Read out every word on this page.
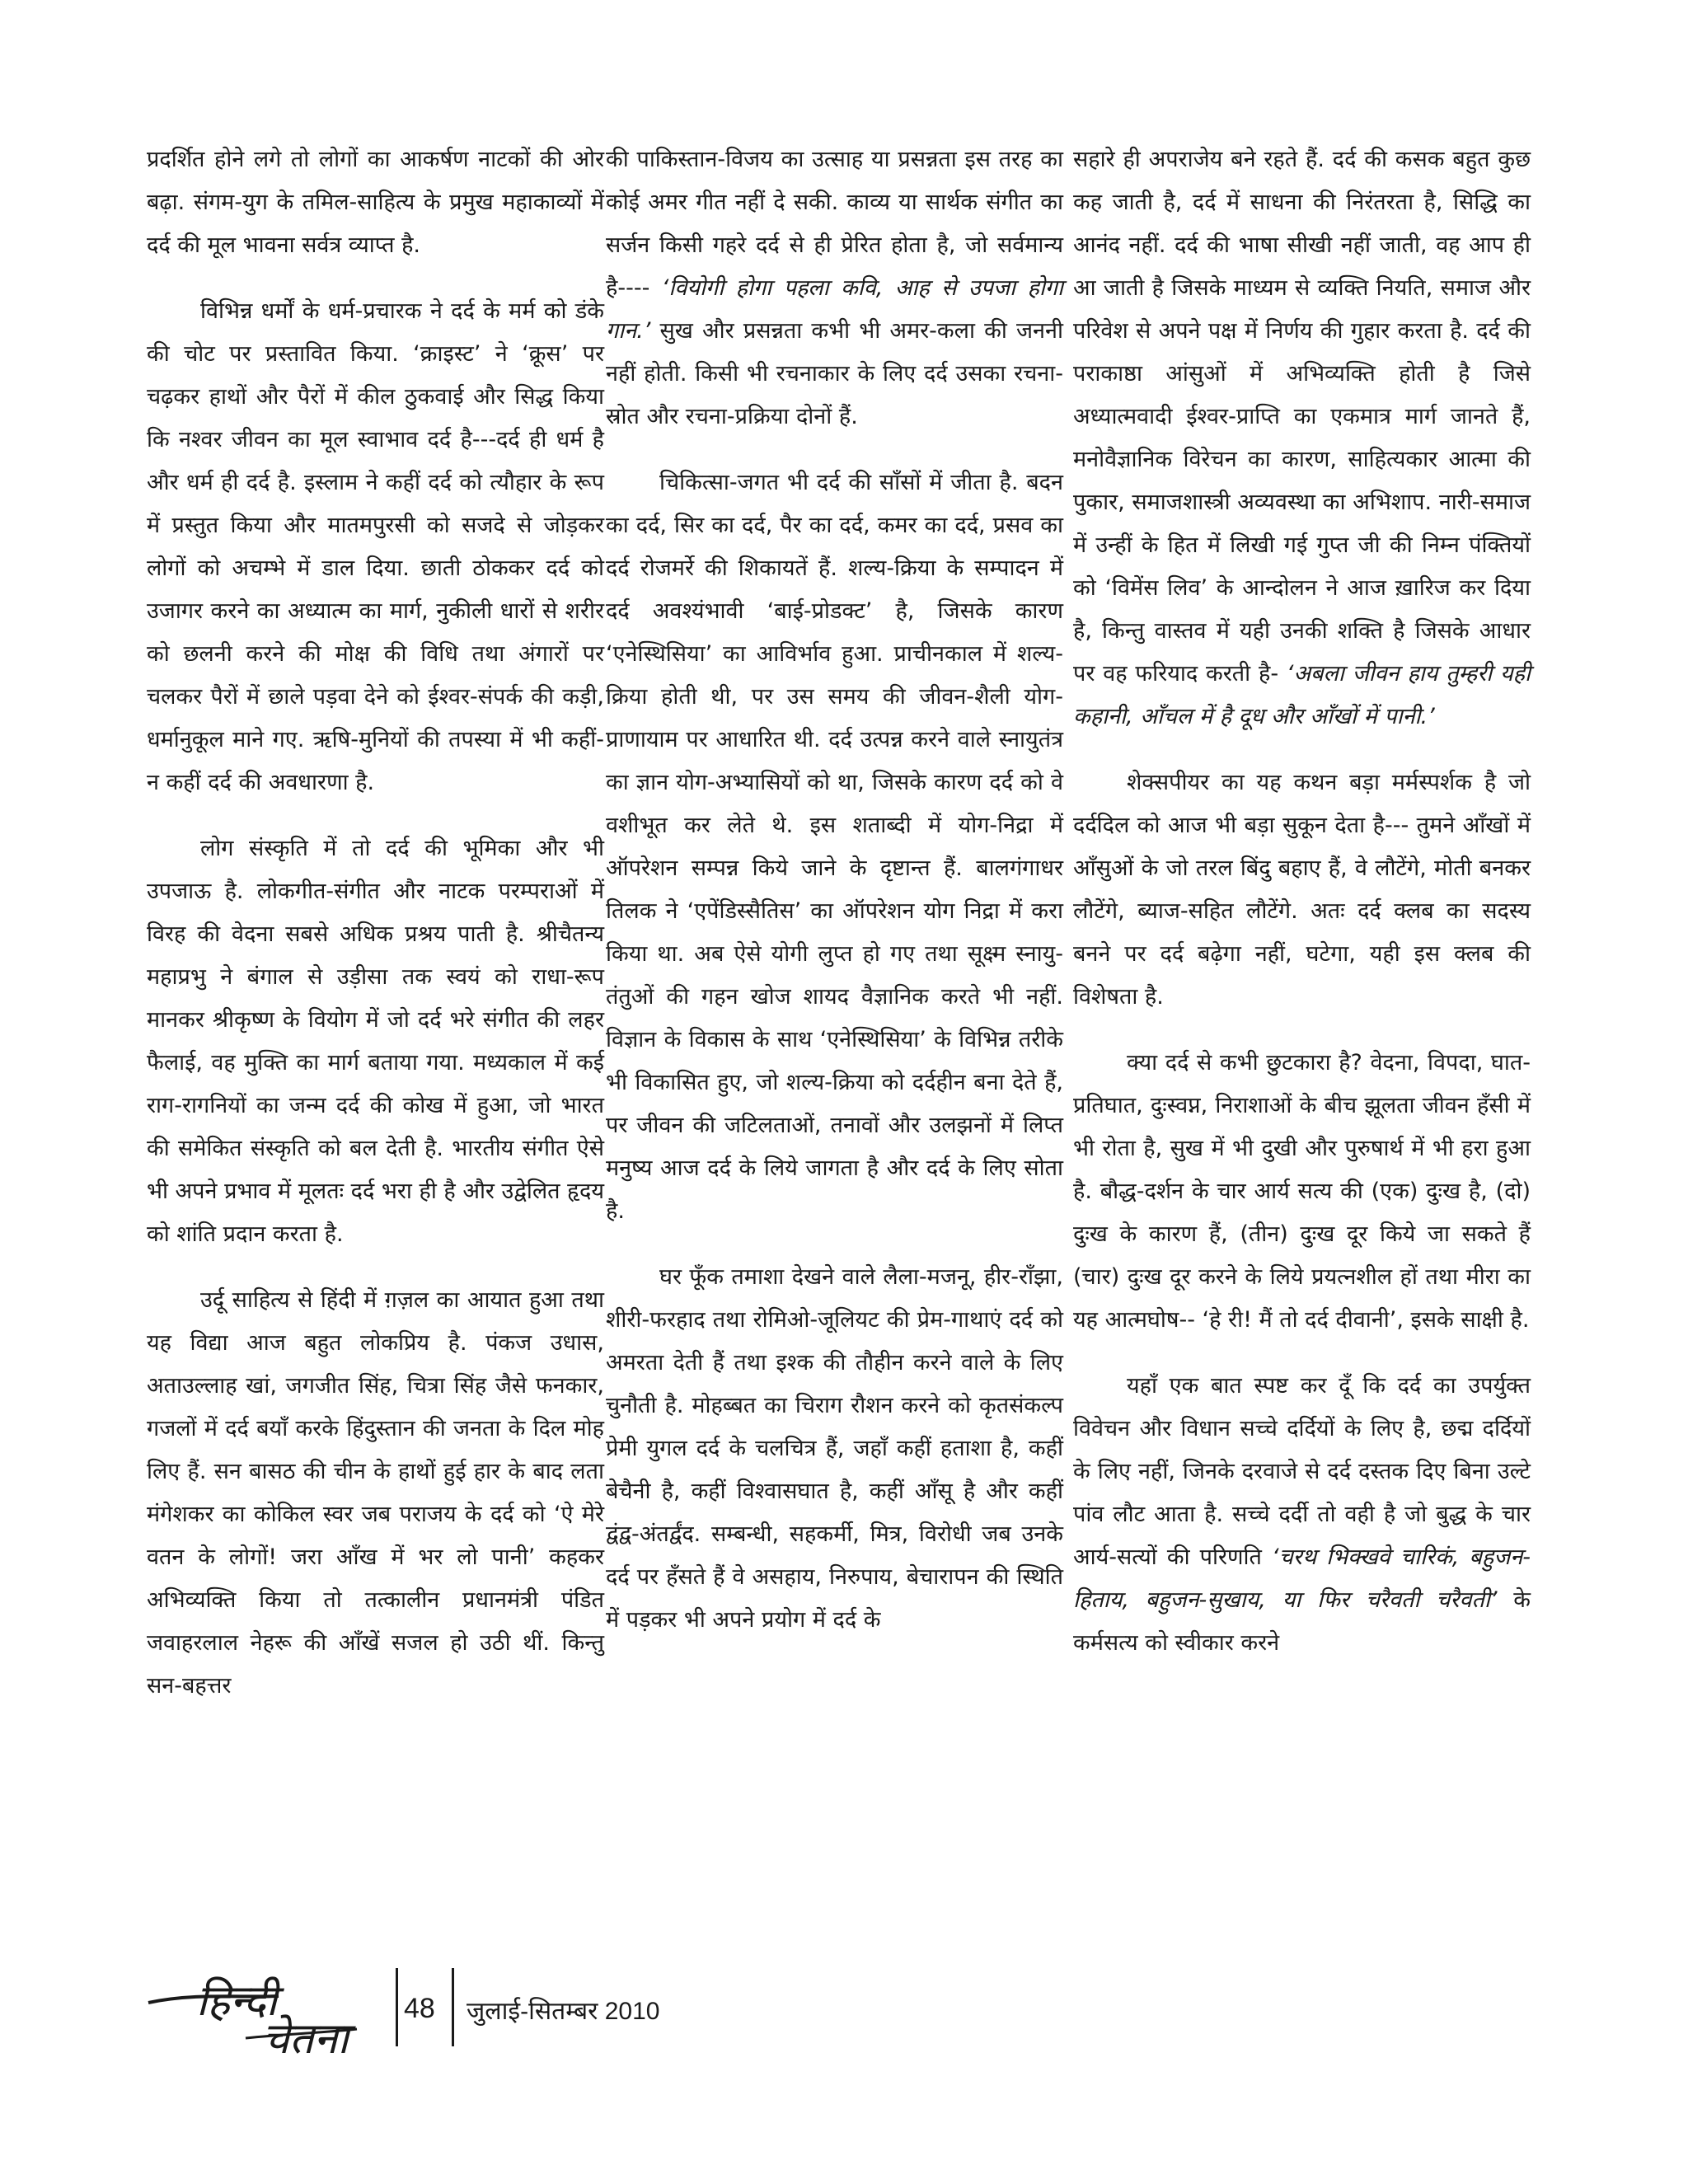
प्रदर्शित होने लगे तो लोगों का आकर्षण नाटकों की ओर बढ़ा. संगम-युग के तमिल-साहित्य के प्रमुख महाकाव्यों में दर्द की मूल भावना सर्वत्र व्याप्त है.

विभिन्न धर्मों के धर्म-प्रचारक ने दर्द के मर्म को डंके की चोट पर प्रस्तावित किया. ‘क्राइस्ट’ ने ‘क्रूस’ पर चढ़कर हाथों और पैरों में कील ठुकवाई और सिद्ध किया कि नश्वर जीवन का मूल स्वाभाव दर्द है---दर्द ही धर्म है और धर्म ही दर्द है. इस्लाम ने कहीं दर्द को त्यौहार के रूप में प्रस्तुत किया और मातमपुरसी को सजदे से जोड़कर लोगों को अचम्भे में डाल दिया. छाती ठोककर दर्द को उजागर करने का अध्यात्म का मार्ग, नुकीली धारों से शरीर को छलनी करने की मोक्ष की विधि तथा अंगारों पर चलकर पैरों में छाले पड़वा देने को ईश्वर-संपर्क की कड़ी, धर्मानुकूल माने गए. ऋषि-मुनियों की तपस्या में भी कहीं-न कहीं दर्द की अवधारणा है.

लोग संस्कृति में तो दर्द की भूमिका और भी उपजाऊ है. लोकगीत-संगीत और नाटक परम्पराओं में विरह की वेदना सबसे अधिक प्रश्रय पाती है. श्रीचैतन्य महाप्रभु ने बंगाल से उड़ीसा तक स्वयं को राधा-रूप मानकर श्रीकृष्ण के वियोग में जो दर्द भरे संगीत की लहर फैलाई, वह मुक्ति का मार्ग बताया गया. मध्यकाल में कई राग-रागनियों का जन्म दर्द की कोख में हुआ, जो भारत की समेकित संस्कृति को बल देती है. भारतीय संगीत ऐसे भी अपने प्रभाव में मूलतः दर्द भरा ही है और उद्वेलित हृदय को शांति प्रदान करता है.

उर्दू साहित्य से हिंदी में ग़ज़ल का आयात हुआ तथा यह विद्या आज बहुत लोकप्रिय है. पंकज उधास, अताउल्लाह खां, जगजीत सिंह, चित्रा सिंह जैसे फनकार, गजलों में दर्द बयाँ करके हिंदुस्तान की जनता के दिल मोह लिए हैं. सन बासठ की चीन के हाथों हुई हार के बाद लता मंगेशकर का कोकिल स्वर जब पराजय के दर्द को ‘ऐ मेरे वतन के लोगों! जरा आँख में भर लो पानी’ कहकर अभिव्यक्ति किया तो तत्कालीन प्रधानमंत्री पंडित जवाहरलाल नेहरू की आँखें सजल हो उठी थीं. किन्तु सन-बहत्तर

की पाकिस्तान-विजय का उत्साह या प्रसन्नता इस तरह का कोई अमर गीत नहीं दे सकी. काव्य या सार्थक संगीत का सर्जन किसी गहरे दर्द से ही प्रेरित होता है, जो सर्वमान्य है---- ‘वियोगी होगा पहला कवि, आह से उपजा होगा गान.’ सुख और प्रसन्नता कभी भी अमर-कला की जननी नहीं होती. किसी भी रचनाकार के लिए दर्द उसका रचना-स्रोत और रचना-प्रक्रिया दोनों हैं.

चिकित्सा-जगत भी दर्द की साँसों में जीता है. बदन का दर्द, सिर का दर्द, पैर का दर्द, कमर का दर्द, प्रसव का दर्द रोजमर्रे की शिकायतें हैं. शल्य-क्रिया के सम्पादन में दर्द अवश्यंभावी ‘बाई-प्रोडक्ट’ है, जिसके कारण ‘एनेस्थिसिया’ का आविर्भाव हुआ. प्राचीनकाल में शल्य-क्रिया होती थी, पर उस समय की जीवन-शैली योग-प्राणायाम पर आधारित थी. दर्द उत्पन्न करने वाले स्नायुतंत्र का ज्ञान योग-अभ्यासियों को था, जिसके कारण दर्द को वे वशीभूत कर लेते थे. इस शताब्दी में योग-निद्रा में ऑपरेशन सम्पन्न किये जाने के दृष्टान्त हैं. बालगंगाधर तिलक ने ‘एपेंडिस्सैतिस’ का ऑपरेशन योग निद्रा में करा किया था. अब ऐसे योगी लुप्त हो गए तथा सूक्ष्म स्नायु-तंतुओं की गहन खोज शायद वैज्ञानिक करते भी नहीं. विज्ञान के विकास के साथ ‘एनेस्थिसिया’ के विभिन्न तरीके भी विकासित हुए, जो शल्य-क्रिया को दर्दहीन बना देते हैं, पर जीवन की जटिलताओं, तनावों और उलझनों में लिप्त मनुष्य आज दर्द के लिये जागता है और दर्द के लिए सोता है.

घर फूँक तमाशा देखने वाले लैला-मजनू, हीर-राँझा, शीरी-फरहाद तथा रोमिओ-जूलियट की प्रेम-गाथाएं दर्द को अमरता देती हैं तथा इश्क की तौहीन करने वाले के लिए चुनौती है. मोहब्बत का चिराग रौशन करने को कृतसंकल्प प्रेमी युगल दर्द के चलचित्र हैं, जहाँ कहीं हताशा है, कहीं बेचैनी है, कहीं विश्वासघात है, कहीं आँसू है और कहीं द्वंद्व-अंतर्द्वंद. सम्बन्धी, सहकर्मी, मित्र, विरोधी जब उनके दर्द पर हँसते हैं वे असहाय, निरुपाय, बेचारापन की स्थिति में पड़कर भी अपने प्रयोग में दर्द के

सहारे ही अपराजेय बने रहते हैं. दर्द की कसक बहुत कुछ कह जाती है, दर्द में साधना की निरंतरता है, सिद्धि का आनंद नहीं. दर्द की भाषा सीखी नहीं जाती, वह आप ही आ जाती है जिसके माध्यम से व्यक्ति नियति, समाज और परिवेश से अपने पक्ष में निर्णय की गुहार करता है. दर्द की पराकाष्ठा आंसुओं में अभिव्यक्ति होती है जिसे अध्यात्मवादी ईश्वर-प्राप्ति का एकमात्र मार्ग जानते हैं, मनोवैज्ञानिक विरेचन का कारण, साहित्यकार आत्मा की पुकार, समाजशास्त्री अव्यवस्था का अभिशाप. नारी-समाज में उन्हीं के हित में लिखी गई गुप्त जी की निम्न पंक्तियों को ‘विमेंस लिव’ के आन्दोलन ने आज ख़ारिज कर दिया है, किन्तु वास्तव में यही उनकी शक्ति है जिसके आधार पर वह फरियाद करती है- ‘अबला जीवन हाय तुम्हरी यही कहानी, आँचल में है दूध और आँखों में पानी.’

शेक्सपीयर का यह कथन बड़ा मर्मस्पर्शक है जो दर्ददिल को आज भी बड़ा सुकून देता है--- तुमने आँखों में आँसुओं के जो तरल बिंदु बहाए हैं, वे लौटेंगे, मोती बनकर लौटेंगे, ब्याज-सहित लौटेंगे. अतः दर्द क्लब का सदस्य बनने पर दर्द बढ़ेगा नहीं, घटेगा, यही इस क्लब की विशेषता है.

क्या दर्द से कभी छुटकारा है? वेदना, विपदा, घात-प्रतिघात, दुःस्वप्न, निराशाओं के बीच झूलता जीवन हँसी में भी रोता है, सुख में भी दुखी और पुरुषार्थ में भी हरा हुआ है. बौद्ध-दर्शन के चार आर्य सत्य की (एक) दुःख है, (दो) दुःख के कारण हैं, (तीन) दुःख दूर किये जा सकते हैं (चार) दुःख दूर करने के लिये प्रयत्नशील हों तथा मीरा का यह आत्मघोष-- ‘हे री! मैं तो दर्द दीवानी’, इसके साक्षी है.

यहाँ एक बात स्पष्ट कर दूँ कि दर्द का उपर्युक्त विवेचन और विधान सच्चे दर्दियों के लिए है, छद्म दर्दियों के लिए नहीं, जिनके दरवाजे से दर्द दस्तक दिए बिना उल्टे पांव लौट आता है. सच्चे दर्दी तो वही है जो बुद्ध के चार आर्य-सत्यों की परिणति ‘चरथ भिक्खवे चारिकं, बहुजन-हिताय, बहुजन-सुखाय, या फिर चरैवती चरैवती’ के कर्मसत्य को स्वीकार करने

हिन्दी
चेतना
48 जुलाई-सितम्बर 2010
